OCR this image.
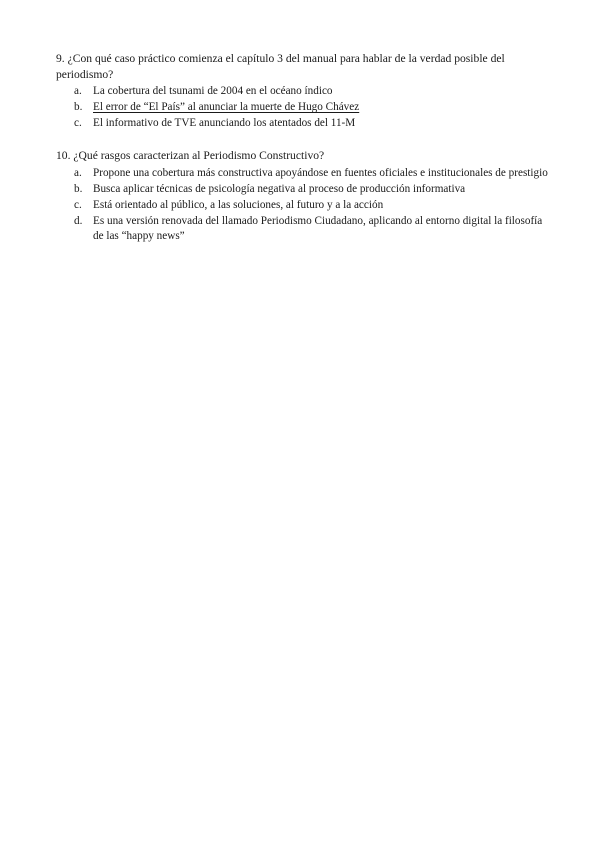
9. ¿Con qué caso práctico comienza el capítulo 3 del manual para hablar de la verdad posible del periodismo?

a. La cobertura del tsunami de 2004 en el océano índico
b. El error de “El País” al anunciar la muerte de Hugo Chávez
c. El informativo de TVE anunciando los atentados del 11-M

10. ¿Qué rasgos caracterizan al Periodismo Constructivo?

a. Propone una cobertura más constructiva apoyándose en fuentes oficiales e institucionales de prestigio
b. Busca aplicar técnicas de psicología negativa al proceso de producción informativa
c. Está orientado al público, a las soluciones, al futuro y a la acción
d. Es una versión renovada del llamado Periodismo Ciudadano, aplicando al entorno digital la filosofía de las “happy news”
